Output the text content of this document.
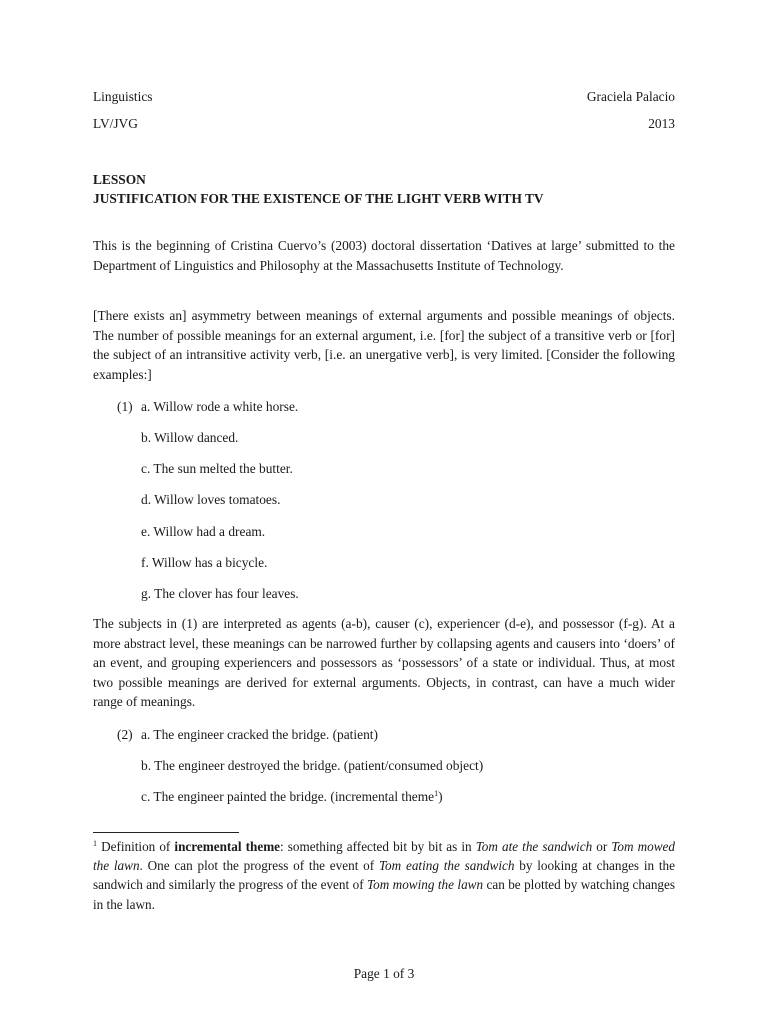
Linguistics	Graciela Palacio
LV/JVG	2013
LESSON
JUSTIFICATION FOR THE EXISTENCE OF THE LIGHT VERB WITH TV
This is the beginning of Cristina Cuervo’s (2003) doctoral dissertation ‘Datives at large’ submitted to the Department of Linguistics and Philosophy at the Massachusetts Institute of Technology.
[There exists an] asymmetry between meanings of external arguments and possible meanings of objects. The number of possible meanings for an external argument, i.e. [for] the subject of a transitive verb or [for] the subject of an intransitive activity verb, [i.e. an unergative verb], is very limited. [Consider the following examples:]
(1) a. Willow rode a white horse.
b. Willow danced.
c. The sun melted the butter.
d. Willow loves tomatoes.
e. Willow had a dream.
f. Willow has a bicycle.
g. The clover has four leaves.
The subjects in (1) are interpreted as agents (a-b), causer (c), experiencer (d-e), and possessor (f-g). At a more abstract level, these meanings can be narrowed further by collapsing agents and causers into ‘doers’ of an event, and grouping experiencers and possessors as ‘possessors’ of a state or individual. Thus, at most two possible meanings are derived for external arguments. Objects, in contrast, can have a much wider range of meanings.
(2) a. The engineer cracked the bridge. (patient)
b. The engineer destroyed the bridge. (patient/consumed object)
c. The engineer painted the bridge. (incremental theme$^1$)
$^1$ Definition of incremental theme: something affected bit by bit as in Tom ate the sandwich or Tom mowed the lawn. One can plot the progress of the event of Tom eating the sandwich by looking at changes in the sandwich and similarly the progress of the event of Tom mowing the lawn can be plotted by watching changes in the lawn.
Page 1 of 3
